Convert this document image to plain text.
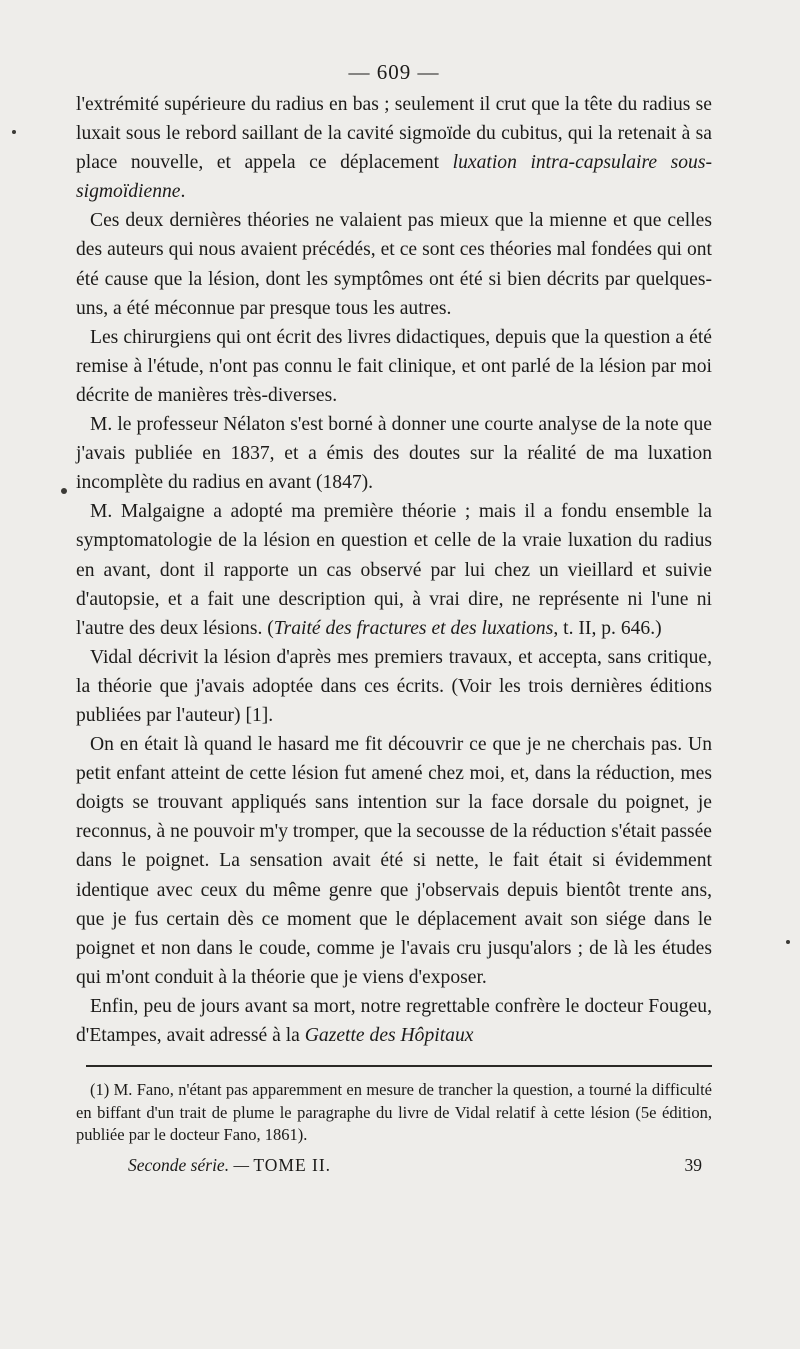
— 609 —

l'extrémité supérieure du radius en bas ; seulement il crut que la tête du radius se luxait sous le rebord saillant de la cavité sigmoïde du cubitus, qui la retenait à sa place nouvelle, et appela ce déplacement luxation intra-capsulaire sous-sigmoïdienne.

Ces deux dernières théories ne valaient pas mieux que la mienne et que celles des auteurs qui nous avaient précédés, et ce sont ces théories mal fondées qui ont été cause que la lésion, dont les symptômes ont été si bien décrits par quelques-uns, a été méconnue par presque tous les autres.

Les chirurgiens qui ont écrit des livres didactiques, depuis que la question a été remise à l'étude, n'ont pas connu le fait clinique, et ont parlé de la lésion par moi décrite de manières très-diverses.

M. le professeur Nélaton s'est borné à donner une courte analyse de la note que j'avais publiée en 1837, et a émis des doutes sur la réalité de ma luxation incomplète du radius en avant (1847).

M. Malgaigne a adopté ma première théorie ; mais il a fondu ensemble la symptomatologie de la lésion en question et celle de la vraie luxation du radius en avant, dont il rapporte un cas observé par lui chez un vieillard et suivie d'autopsie, et a fait une description qui, à vrai dire, ne représente ni l'une ni l'autre des deux lésions. (Traité des fractures et des luxations, t. II, p. 646.)

Vidal décrivit la lésion d'après mes premiers travaux, et accepta, sans critique, la théorie que j'avais adoptée dans ces écrits. (Voir les trois dernières éditions publiées par l'auteur) [1].

On en était là quand le hasard me fit découvrir ce que je ne cherchais pas. Un petit enfant atteint de cette lésion fut amené chez moi, et, dans la réduction, mes doigts se trouvant appliqués sans intention sur la face dorsale du poignet, je reconnus, à ne pouvoir m'y tromper, que la secousse de la réduction s'était passée dans le poignet. La sensation avait été si nette, le fait était si évidemment identique avec ceux du même genre que j'observais depuis bientôt trente ans, que je fus certain dès ce moment que le déplacement avait son siége dans le poignet et non dans le coude, comme je l'avais cru jusqu'alors ; de là les études qui m'ont conduit à la théorie que je viens d'exposer.

Enfin, peu de jours avant sa mort, notre regrettable confrère le docteur Fougeu, d'Etampes, avait adressé à la Gazette des Hôpitaux

(1) M. Fano, n'étant pas apparemment en mesure de trancher la question, a tourné la difficulté en biffant d'un trait de plume le paragraphe du livre de Vidal relatif à cette lésion (5e édition, publiée par le docteur Fano, 1861).

Seconde série. — TOME II.	39
